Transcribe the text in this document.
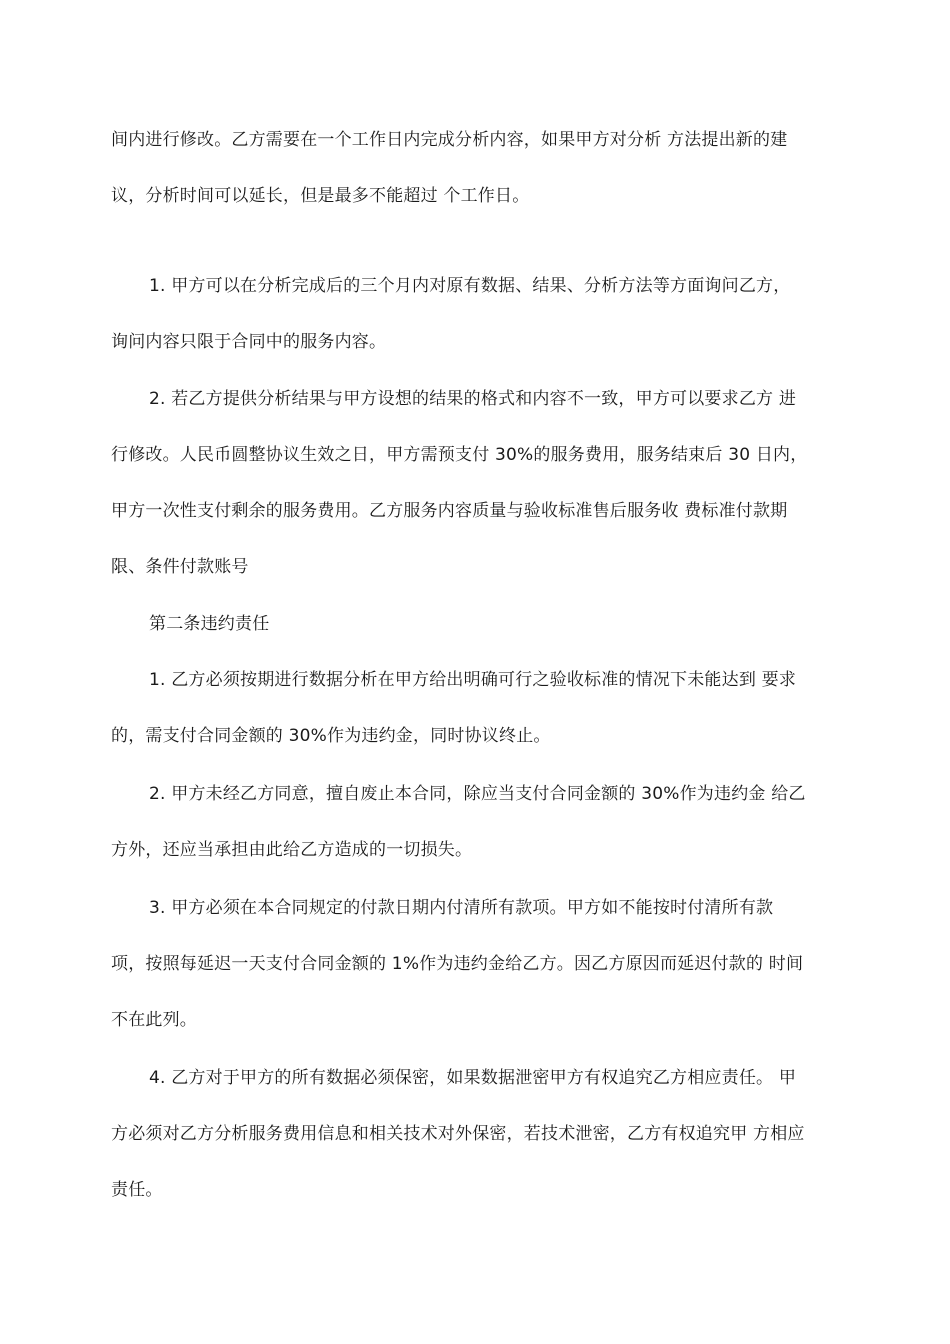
间内进行修改。乙方需要在一个工作日内完成分析内容，如果甲方对分析 方法提出新的建
议，分析时间可以延长，但是最多不能超过 个工作日。
1. 甲方可以在分析完成后的三个月内对原有数据、结果、分析方法等方面询问乙方，
询问内容只限于合同中的服务内容。
2. 若乙方提供分析结果与甲方设想的结果的格式和内容不一致，甲方可以要求乙方 进
行修改。人民币圆整协议生效之日，甲方需预支付 30%的服务费用，服务结束后 30 日内，
甲方一次性支付剩余的服务费用。乙方服务内容质量与验收标准售后服务收 费标准付款期
限、条件付款账号
第二条违约责任
1. 乙方必须按期进行数据分析在甲方给出明确可行之验收标准的情况下未能达到 要求
的，需支付合同金额的 30%作为违约金，同时协议终止。
2. 甲方未经乙方同意，擅自废止本合同，除应当支付合同金额的 30%作为违约金 给乙
方外，还应当承担由此给乙方造成的一切损失。
3. 甲方必须在本合同规定的付款日期内付清所有款项。甲方如不能按时付清所有款
项，按照每延迟一天支付合同金额的 1%作为违约金给乙方。因乙方原因而延迟付款的 时间
不在此列。
4. 乙方对于甲方的所有数据必须保密，如果数据泄密甲方有权追究乙方相应责任。 甲
方必须对乙方分析服务费用信息和相关技术对外保密，若技术泄密，乙方有权追究甲 方相应
责任。
